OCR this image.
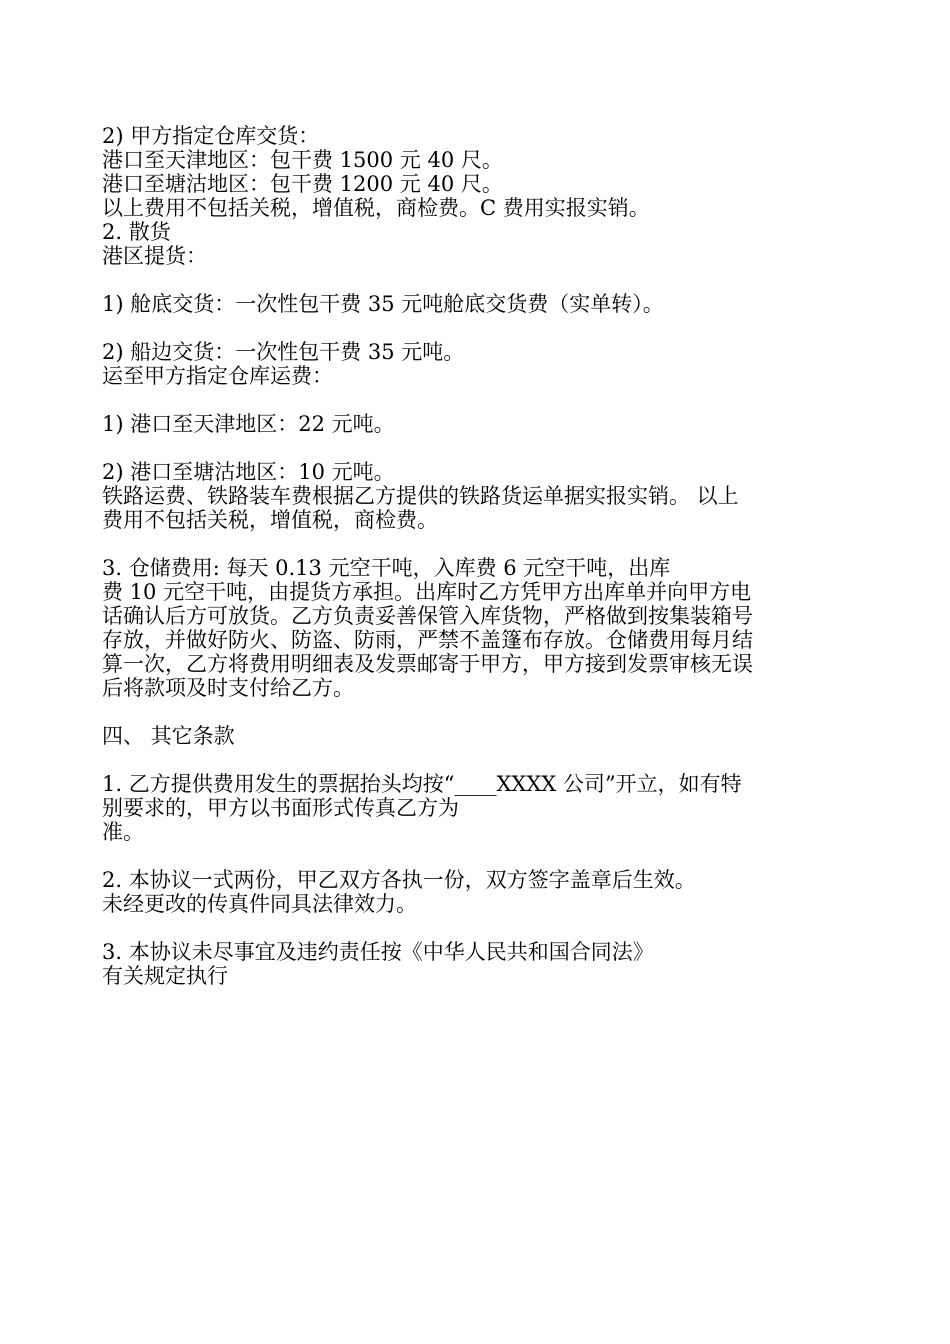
2) 甲方指定仓库交货：
港口至天津地区：包干费 1500 元 40 尺。
港口至塘沽地区：包干费 1200 元 40 尺。
以上费用不包括关税，增值税，商检费。C 费用实报实销。
2. 散货
港区提货：
1) 舱底交货：一次性包干费 35 元吨舱底交货费（实单转）。
2) 船边交货：一次性包干费 35 元吨。
运至甲方指定仓库运费：
1) 港口至天津地区：22 元吨。
2) 港口至塘沽地区：10 元吨。
铁路运费、铁路装车费根据乙方提供的铁路货运单据实报实销。 以上
费用不包括关税，增值税，商检费。
3. 仓储费用: 每天 0.13 元空干吨，入库费 6 元空干吨，出库
费 10 元空干吨，由提货方承担。出库时乙方凭甲方出库单并向甲方电
话确认后方可放货。乙方负责妥善保管入库货物，严格做到按集装箱号
存放，并做好防火、防盗、防雨，严禁不盖篷布存放。仓储费用每月结
算一次，乙方将费用明细表及发票邮寄于甲方，甲方接到发票审核无误
后将款项及时支付给乙方。
四、 其它条款
1. 乙方提供费用发生的票据抬头均按“____XXXX 公司”开立，如有特
别要求的，甲方以书面形式传真乙方为
准。
2. 本协议一式两份，甲乙双方各执一份，双方签字盖章后生效。
未经更改的传真件同具法律效力。
3. 本协议未尽事宜及违约责任按《中华人民共和国合同法》
有关规定执行
